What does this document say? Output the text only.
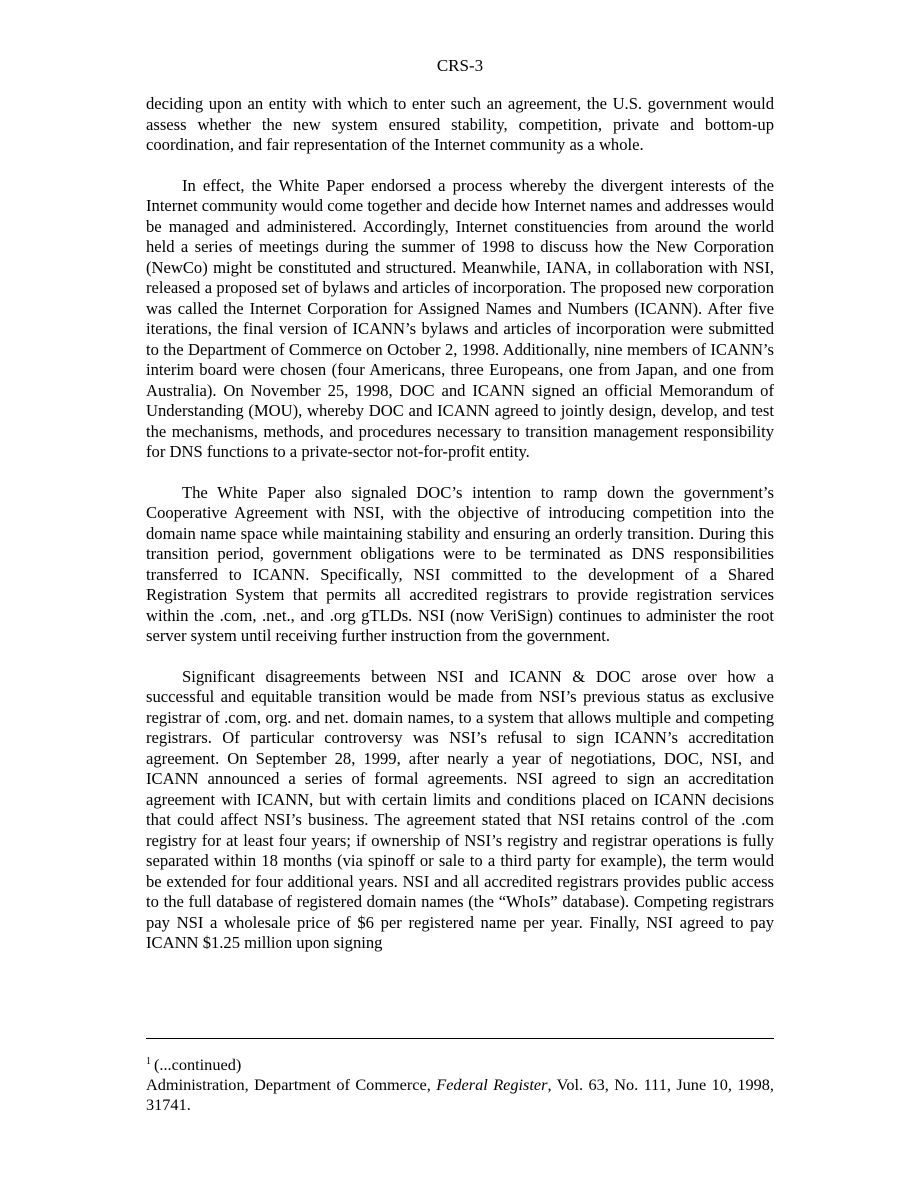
CRS-3

deciding upon an entity with which to enter such an agreement, the U.S. government would assess whether the new system ensured stability, competition, private and bottom-up coordination, and fair representation of the Internet community as a whole.

In effect, the White Paper endorsed a process whereby the divergent interests of the Internet community would come together and decide how Internet names and addresses would be managed and administered. Accordingly, Internet constituencies from around the world held a series of meetings during the summer of 1998 to discuss how the New Corporation (NewCo) might be constituted and structured. Meanwhile, IANA, in collaboration with NSI, released a proposed set of bylaws and articles of incorporation. The proposed new corporation was called the Internet Corporation for Assigned Names and Numbers (ICANN). After five iterations, the final version of ICANN’s bylaws and articles of incorporation were submitted to the Department of Commerce on October 2, 1998. Additionally, nine members of ICANN’s interim board were chosen (four Americans, three Europeans, one from Japan, and one from Australia). On November 25, 1998, DOC and ICANN signed an official Memorandum of Understanding (MOU), whereby DOC and ICANN agreed to jointly design, develop, and test the mechanisms, methods, and procedures necessary to transition management responsibility for DNS functions to a private-sector not-for-profit entity.

The White Paper also signaled DOC’s intention to ramp down the government’s Cooperative Agreement with NSI, with the objective of introducing competition into the domain name space while maintaining stability and ensuring an orderly transition. During this transition period, government obligations were to be terminated as DNS responsibilities transferred to ICANN. Specifically, NSI committed to the development of a Shared Registration System that permits all accredited registrars to provide registration services within the .com, .net., and .org gTLDs. NSI (now VeriSign) continues to administer the root server system until receiving further instruction from the government.

Significant disagreements between NSI and ICANN & DOC arose over how a successful and equitable transition would be made from NSI’s previous status as exclusive registrar of .com, org. and net. domain names, to a system that allows multiple and competing registrars. Of particular controversy was NSI’s refusal to sign ICANN’s accreditation agreement. On September 28, 1999, after nearly a year of negotiations, DOC, NSI, and ICANN announced a series of formal agreements. NSI agreed to sign an accreditation agreement with ICANN, but with certain limits and conditions placed on ICANN decisions that could affect NSI’s business. The agreement stated that NSI retains control of the .com registry for at least four years; if ownership of NSI’s registry and registrar operations is fully separated within 18 months (via spinoff or sale to a third party for example), the term would be extended for four additional years. NSI and all accredited registrars provides public access to the full database of registered domain names (the “WhoIs” database). Competing registrars pay NSI a wholesale price of $6 per registered name per year. Finally, NSI agreed to pay ICANN $1.25 million upon signing

$^1$ (...continued)
Administration, Department of Commerce, Federal Register, Vol. 63, No. 111, June 10, 1998, 31741.
